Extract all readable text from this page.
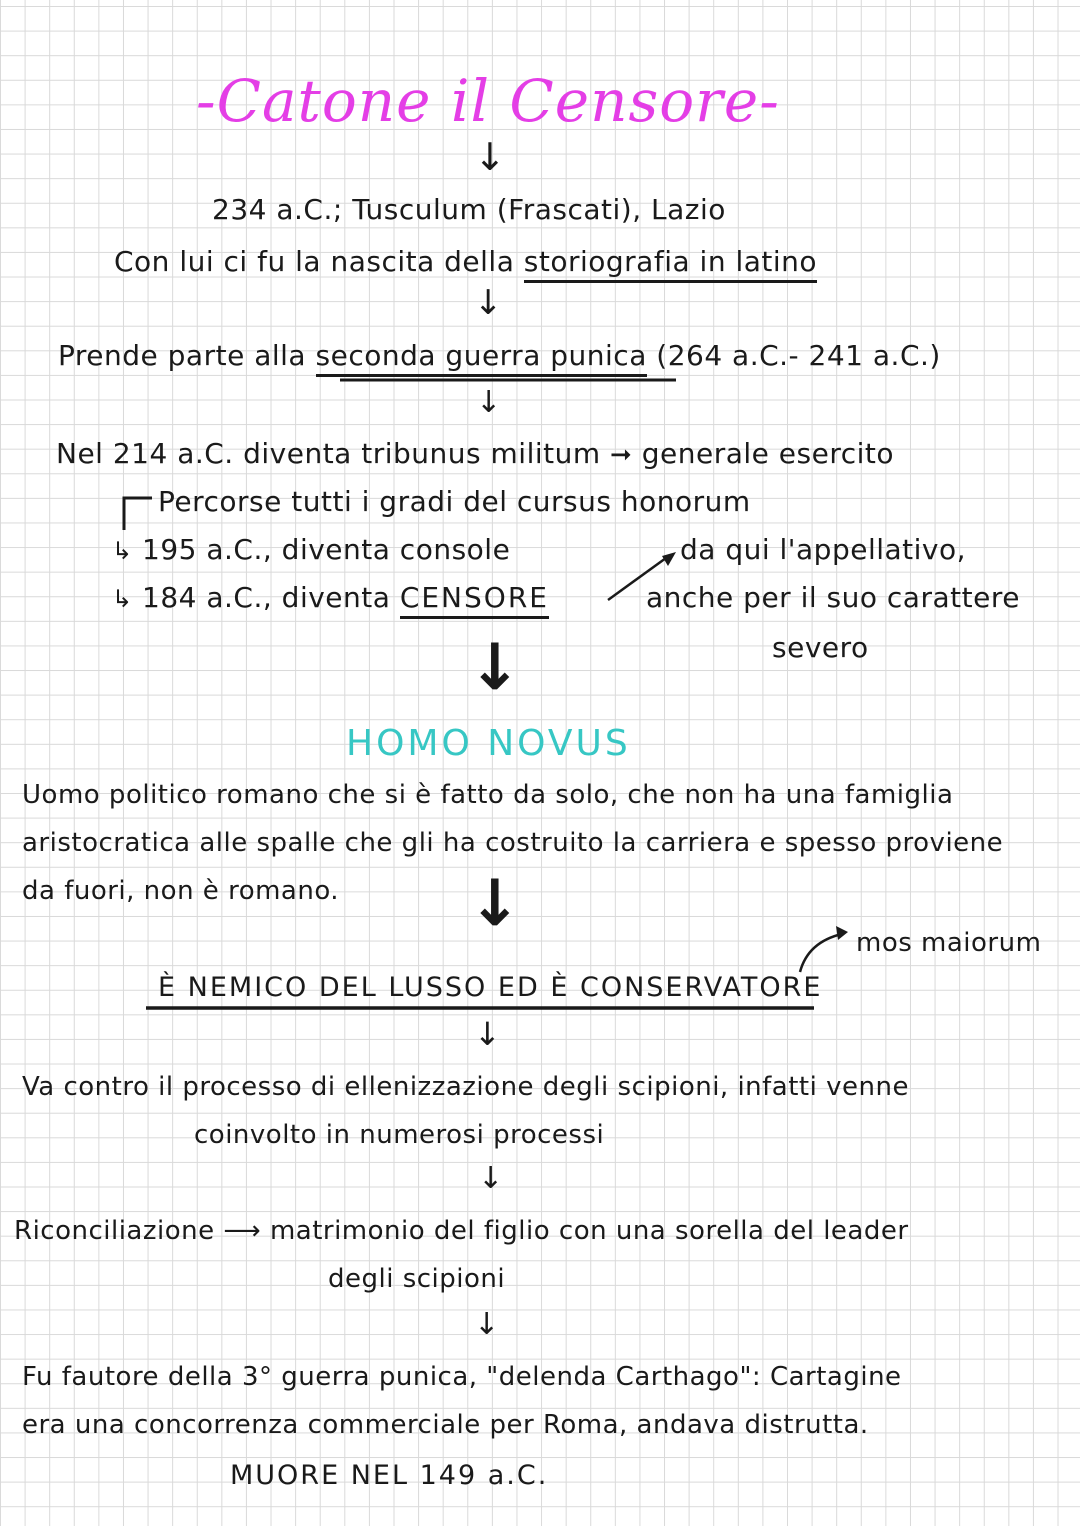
-Catone il Censore-
↓
234 a.C.; Tusculum (Frascati), Lazio
Con lui ci fu la nascita della storiografia in latino
↓
Prende parte alla seconda guerra punica (264 a.C.- 241 a.C.)
↓
Nel 214 a.C. diventa tribunus militum ➞ generale esercito
Percorse tutti i gradi del cursus honorum
↳ 195 a.C., diventa console
↳ 184 a.C., diventa CENSORE
da qui l'appellativo,
anche per il suo carattere
severo
↓
HOMO NOVUS
Uomo politico romano che si è fatto da solo, che non ha una famiglia
aristocratica alle spalle che gli ha costruito la carriera e spesso proviene
da fuori, non è romano. ↓
mos maiorum
È NEMICO DEL LUSSO ED È CONSERVATORE
↓
Va contro il processo di ellenizzazione degli scipioni, infatti venne
coinvolto in numerosi processi
↓
Riconciliazione ⟶ matrimonio del figlio con una sorella del leader
degli scipioni
↓
Fu fautore della 3° guerra punica, "delenda Carthago": Cartagine
era una concorrenza commerciale per Roma, andava distrutta.
MUORE NEL 149 a.C.
